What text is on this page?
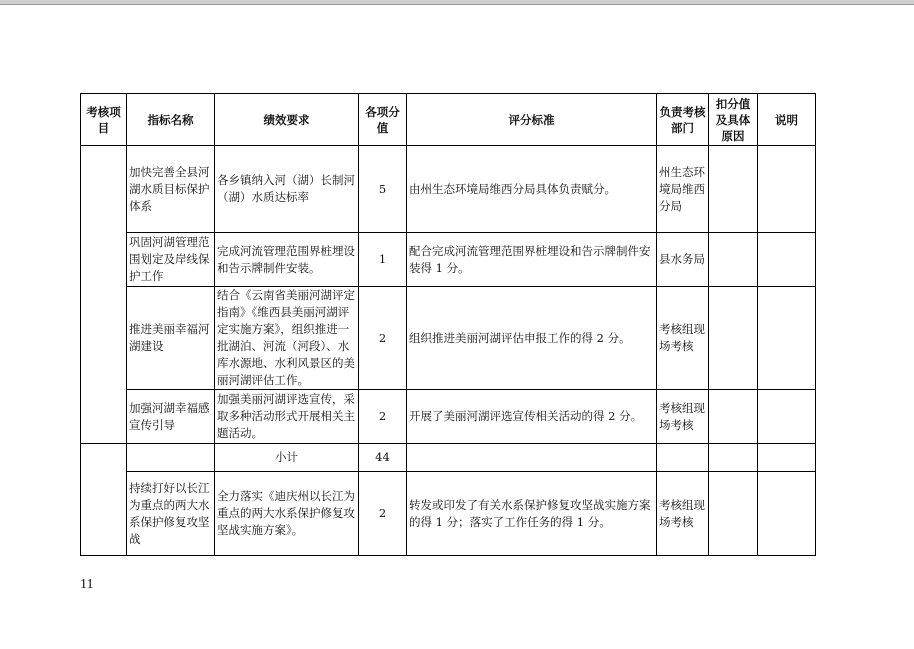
考核项目	指标名称	绩效要求	各项分值	评分标准	负责考核部门	扣分值及具体原因	说明
	加快完善全县河湖水质目标保护体系	各乡镇纳入河（湖）长制河（湖）水质达标率	5	由州生态环境局维西分局具体负责赋分。	州生态环境局维西分局		
	巩固河湖管理范围划定及岸线保护工作	完成河流管理范围界桩埋设和告示牌制件安装。	1	配合完成河流管理范围界桩埋设和告示牌制件安装得 1 分。	县水务局		
	推进美丽幸福河湖建设	结合《云南省美丽河湖评定指南》《维西县美丽河湖评定实施方案》，组织推进一批湖泊、河流（河段）、水库水源地、水利风景区的美丽河湖评估工作。	2	组织推进美丽河湖评估申报工作的得 2 分。	考核组现场考核		
	加强河湖幸福感宣传引导	加强美丽河湖评选宣传，采取多种活动形式开展相关主题活动。	2	开展了美丽河湖评选宣传相关活动的得 2 分。	考核组现场考核		
		小计	44				
	持续打好以长江为重点的两大水系保护修复攻坚战	全力落实《迪庆州以长江为重点的两大水系保护修复攻坚战实施方案》。	2	转发或印发了有关水系保护修复攻坚战实施方案的得 1 分；落实了工作任务的得 1 分。	考核组现场考核		
11
